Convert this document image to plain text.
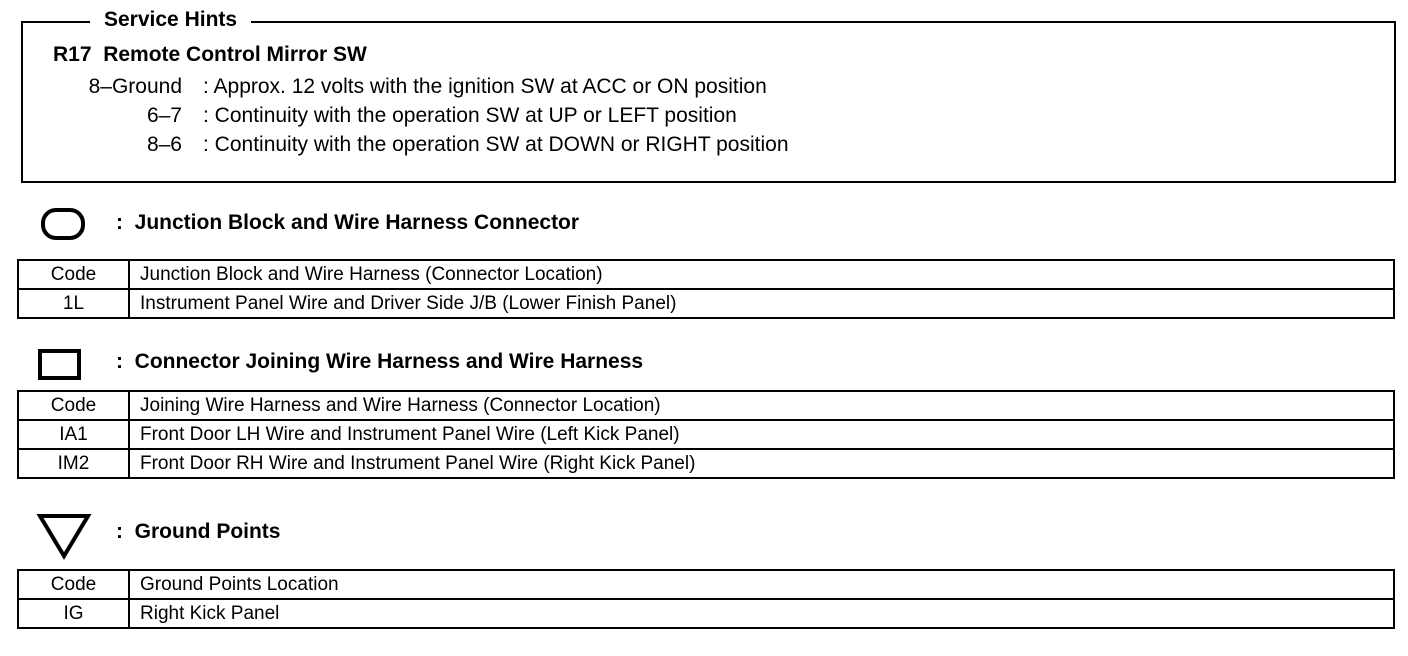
Service Hints
R17  Remote Control Mirror SW
8–Ground : Approx. 12 volts with the ignition SW at ACC or ON position
6–7 : Continuity with the operation SW at UP or LEFT position
8–6 : Continuity with the operation SW at DOWN or RIGHT position
:  Junction Block and Wire Harness Connector
Code	Junction Block and Wire Harness (Connector Location)
1L	Instrument Panel Wire and Driver Side J/B (Lower Finish Panel)
:  Connector Joining Wire Harness and Wire Harness
Code	Joining Wire Harness and Wire Harness (Connector Location)
IA1	Front Door LH Wire and Instrument Panel Wire (Left Kick Panel)
IM2	Front Door RH Wire and Instrument Panel Wire (Right Kick Panel)
:  Ground Points
Code	Ground Points Location
IG	Right Kick Panel
